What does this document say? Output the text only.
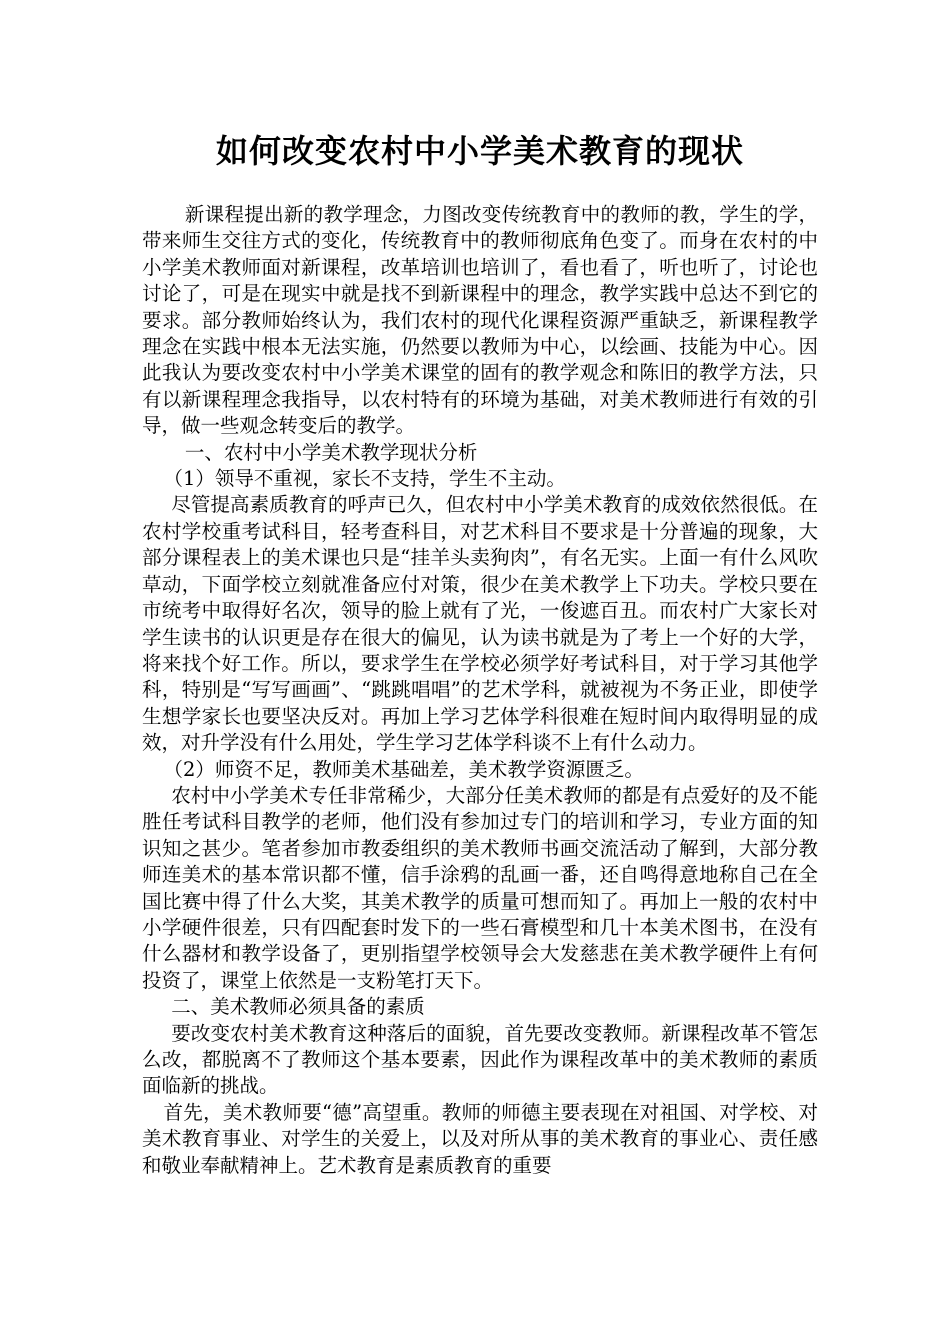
如何改变农村中小学美术教育的现状

新课程提出新的教学理念，力图改变传统教育中的教师的教，学生的学，带来师生交往方式的变化，传统教育中的教师彻底角色变了。而身在农村的中小学美术教师面对新课程，改革培训也培训了，看也看了，听也听了，讨论也讨论了，可是在现实中就是找不到新课程中的理念，教学实践中总达不到它的要求。部分教师始终认为，我们农村的现代化课程资源严重缺乏，新课程教学理念在实践中根本无法实施，仍然要以教师为中心，以绘画、技能为中心。因此我认为要改变农村中小学美术课堂的固有的教学观念和陈旧的教学方法，只有以新课程理念我指导，以农村特有的环境为基础，对美术教师进行有效的引导，做一些观念转变后的教学。

一、农村中小学美术教学现状分析

（1）领导不重视，家长不支持，学生不主动。

尽管提高素质教育的呼声已久，但农村中小学美术教育的成效依然很低。在农村学校重考试科目，轻考查科目，对艺术科目不要求是十分普遍的现象，大部分课程表上的美术课也只是“挂羊头卖狗肉”，有名无实。上面一有什么风吹草动，下面学校立刻就准备应付对策，很少在美术教学上下功夫。学校只要在市统考中取得好名次，领导的脸上就有了光，一俊遮百丑。而农村广大家长对学生读书的认识更是存在很大的偏见，认为读书就是为了考上一个好的大学，将来找个好工作。所以，要求学生在学校必须学好考试科目，对于学习其他学科，特别是“写写画画”、“跳跳唱唱”的艺术学科，就被视为不务正业，即使学生想学家长也要坚决反对。再加上学习艺体学科很难在短时间内取得明显的成效，对升学没有什么用处，学生学习艺体学科谈不上有什么动力。

（2）师资不足，教师美术基础差，美术教学资源匮乏。

农村中小学美术专任非常稀少，大部分任美术教师的都是有点爱好的及不能胜任考试科目教学的老师，他们没有参加过专门的培训和学习，专业方面的知识知之甚少。笔者参加市教委组织的美术教师书画交流活动了解到，大部分教师连美术的基本常识都不懂，信手涂鸦的乱画一番，还自鸣得意地称自己在全国比赛中得了什么大奖，其美术教学的质量可想而知了。再加上一般的农村中小学硬件很差，只有四配套时发下的一些石膏模型和几十本美术图书，在没有什么器材和教学设备了，更别指望学校领导会大发慈悲在美术教学硬件上有何投资了，课堂上依然是一支粉笔打天下。

二、美术教师必须具备的素质

要改变农村美术教育这种落后的面貌，首先要改变教师。新课程改革不管怎么改，都脱离不了教师这个基本要素，因此作为课程改革中的美术教师的素质面临新的挑战。

首先，美术教师要“德”高望重。教师的师德主要表现在对祖国、对学校、对美术教育事业、对学生的关爱上，以及对所从事的美术教育的事业心、责任感和敬业奉献精神上。艺术教育是素质教育的重要
